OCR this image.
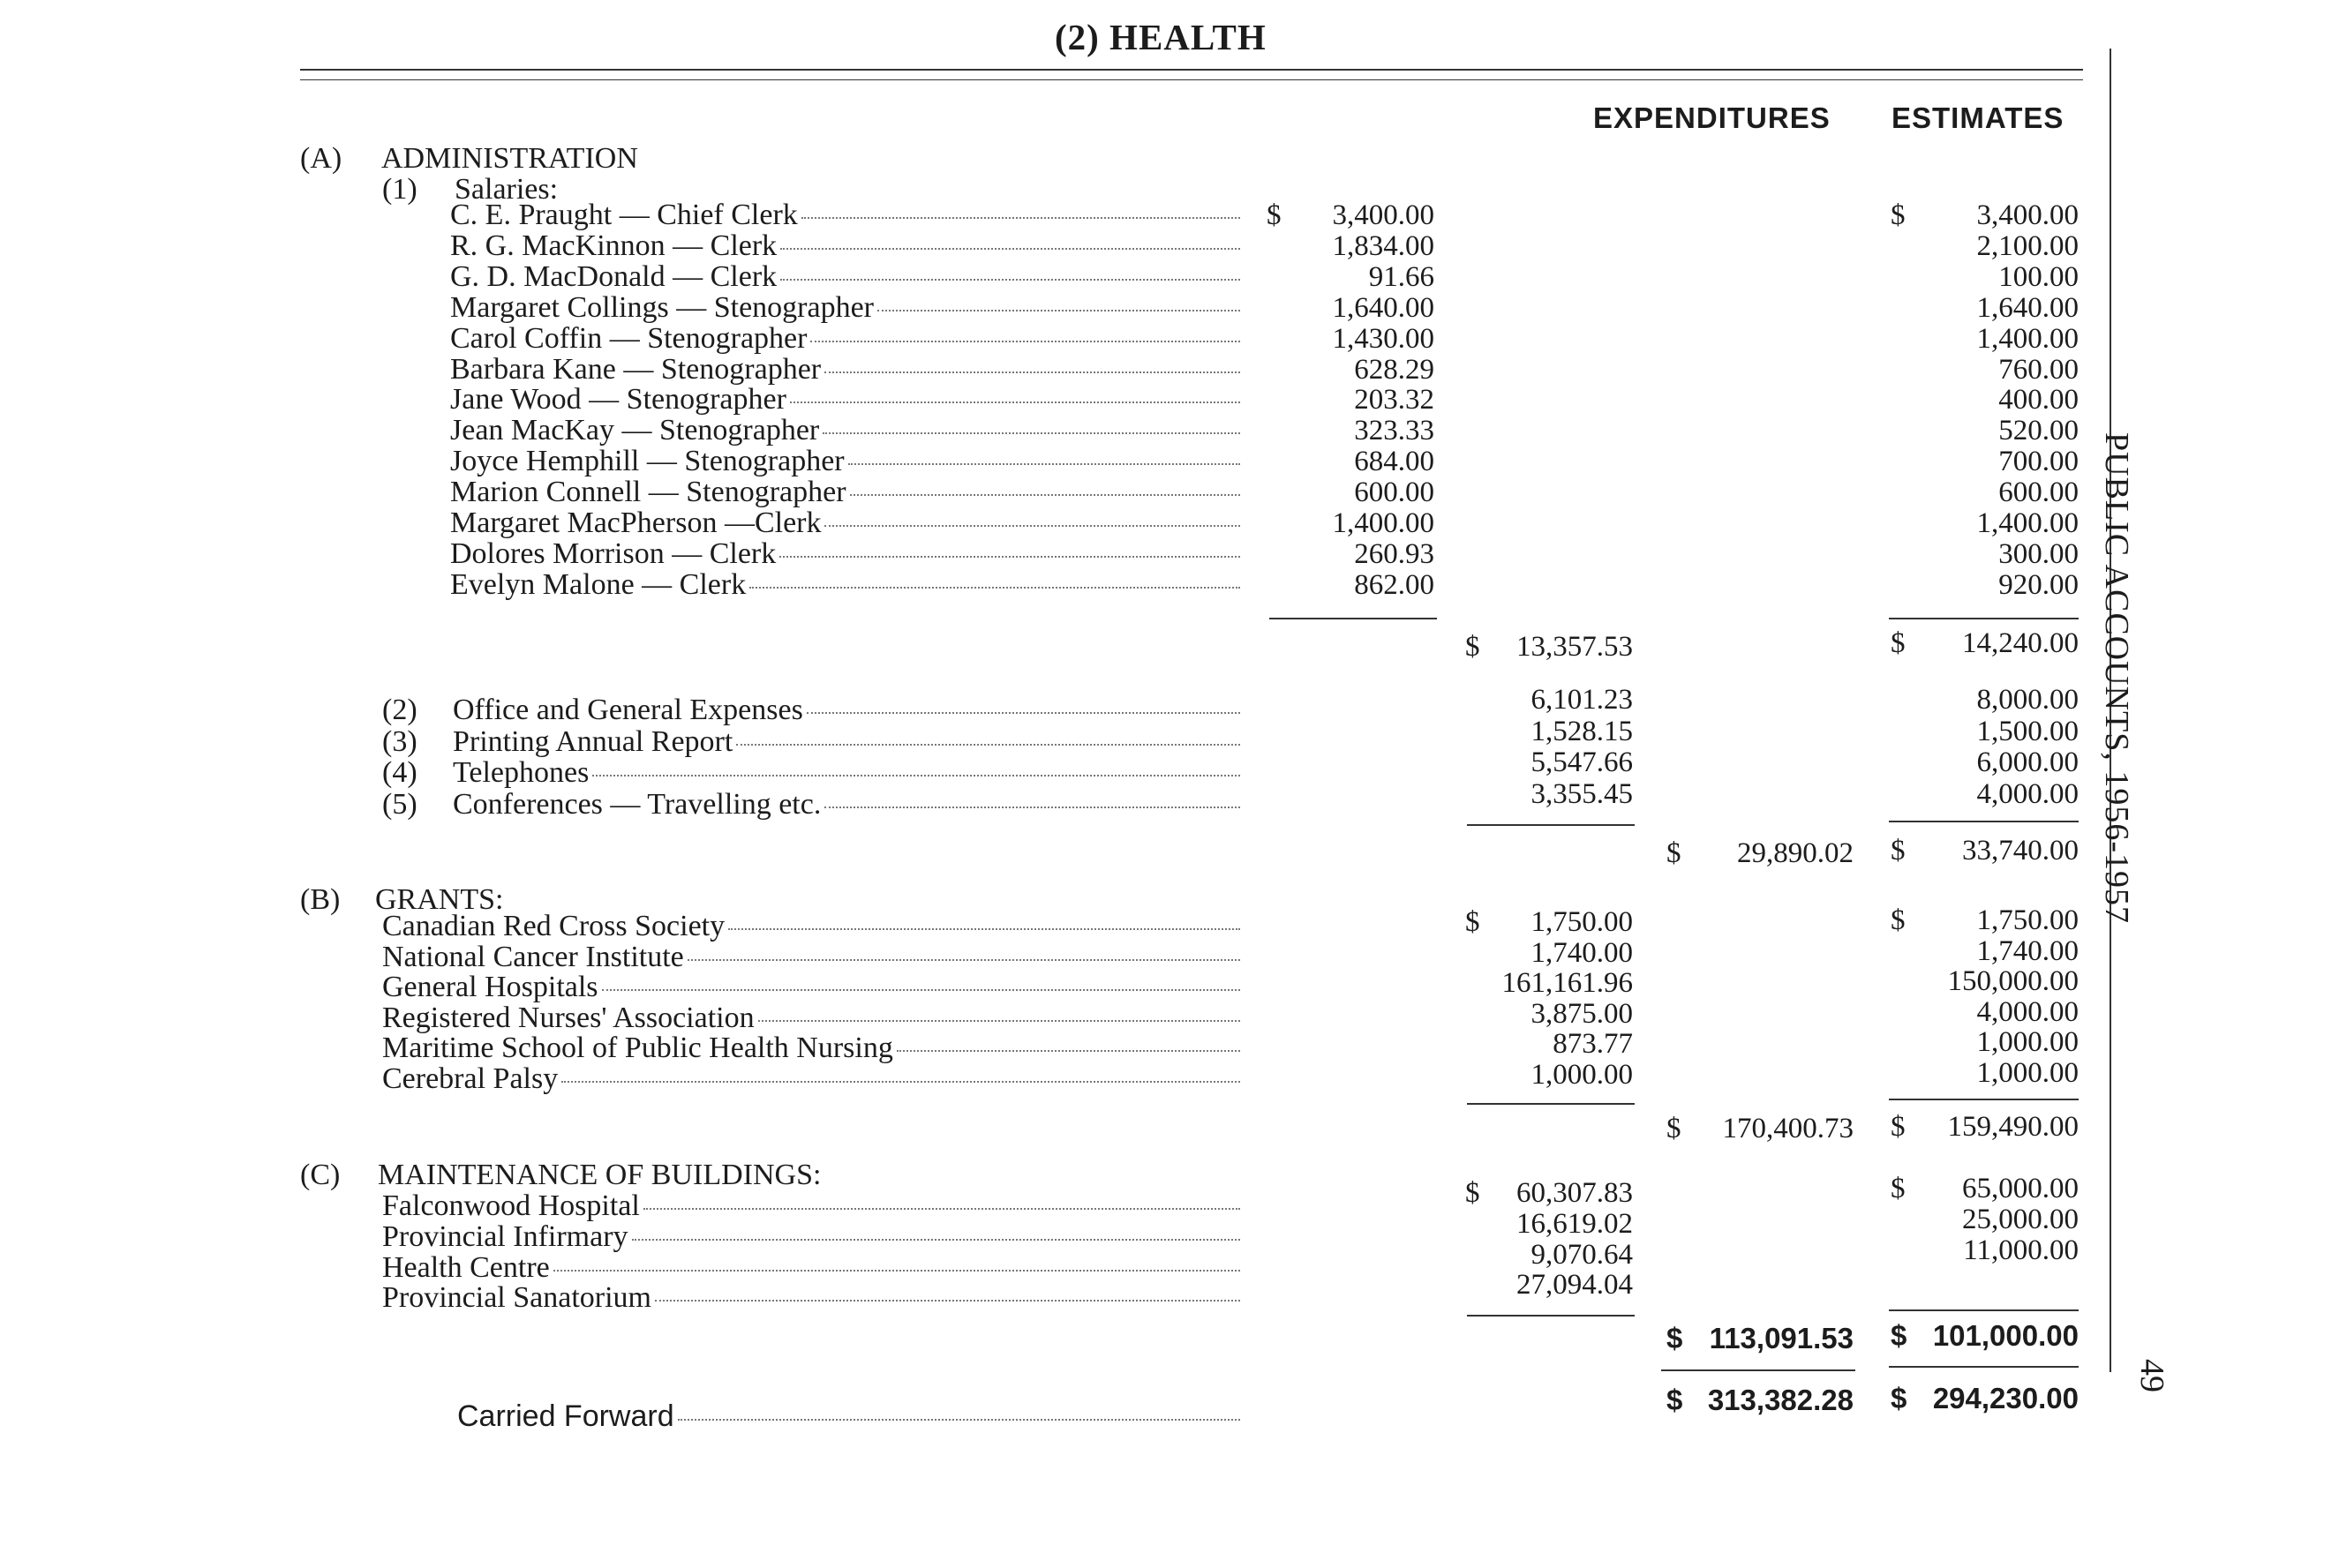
(2) HEALTH
EXPENDITURES ESTIMATES
PUBLIC ACCOUNTS, 1956-1957
49
(A) ADMINISTRATION
(1) Salaries:
C. E. Praught — Chief Clerk	3,400.00	3,400.00
$	$
R. G. MacKinnon — Clerk	1,834.00	2,100.00
G. D. MacDonald — Clerk	91.66	100.00
Margaret Collings — Stenographer	1,640.00	1,640.00
Carol Coffin — Stenographer	1,430.00	1,400.00
Barbara Kane — Stenographer	628.29	760.00
Jane Wood — Stenographer	203.32	400.00
Jean MacKay — Stenographer	323.33	520.00
Joyce Hemphill — Stenographer	684.00	700.00
Marion Connell — Stenographer	600.00	600.00
Margaret MacPherson —Clerk	1,400.00	1,400.00
Dolores Morrison — Clerk	260.93	300.00
Evelyn Malone — Clerk	862.00	920.00
$ 13,357.53	$ 14,240.00
(2) Office and General Expenses	6,101.23	8,000.00
(3) Printing Annual Report	1,528.15	1,500.00
(4) Telephones	5,547.66	6,000.00
(5) Conferences — Travelling etc.	3,355.45	4,000.00
$ 29,890.02 $ 33,740.00
(B) GRANTS:
Canadian Red Cross Society	1,750.00	1,750.00
$	$
National Cancer Institute	1,740.00	1,740.00
General Hospitals	161,161.96	150,000.00
Registered Nurses' Association	3,875.00	4,000.00
Maritime School of Public Health Nursing	873.77	1,000.00
Cerebral Palsy	1,000.00	1,000.00
$ 170,400.73 $ 159,490.00
(C) MAINTENANCE OF BUILDINGS:
Falconwood Hospital	60,307.83	65,000.00
$	$
Provincial Infirmary	16,619.02	25,000.00
Health Centre	9,070.64	11,000.00
Provincial Sanatorium	27,094.04
$ 113,091.53 $ 101,000.00
Carried Forward	$ 313,382.28 $ 294,230.00
